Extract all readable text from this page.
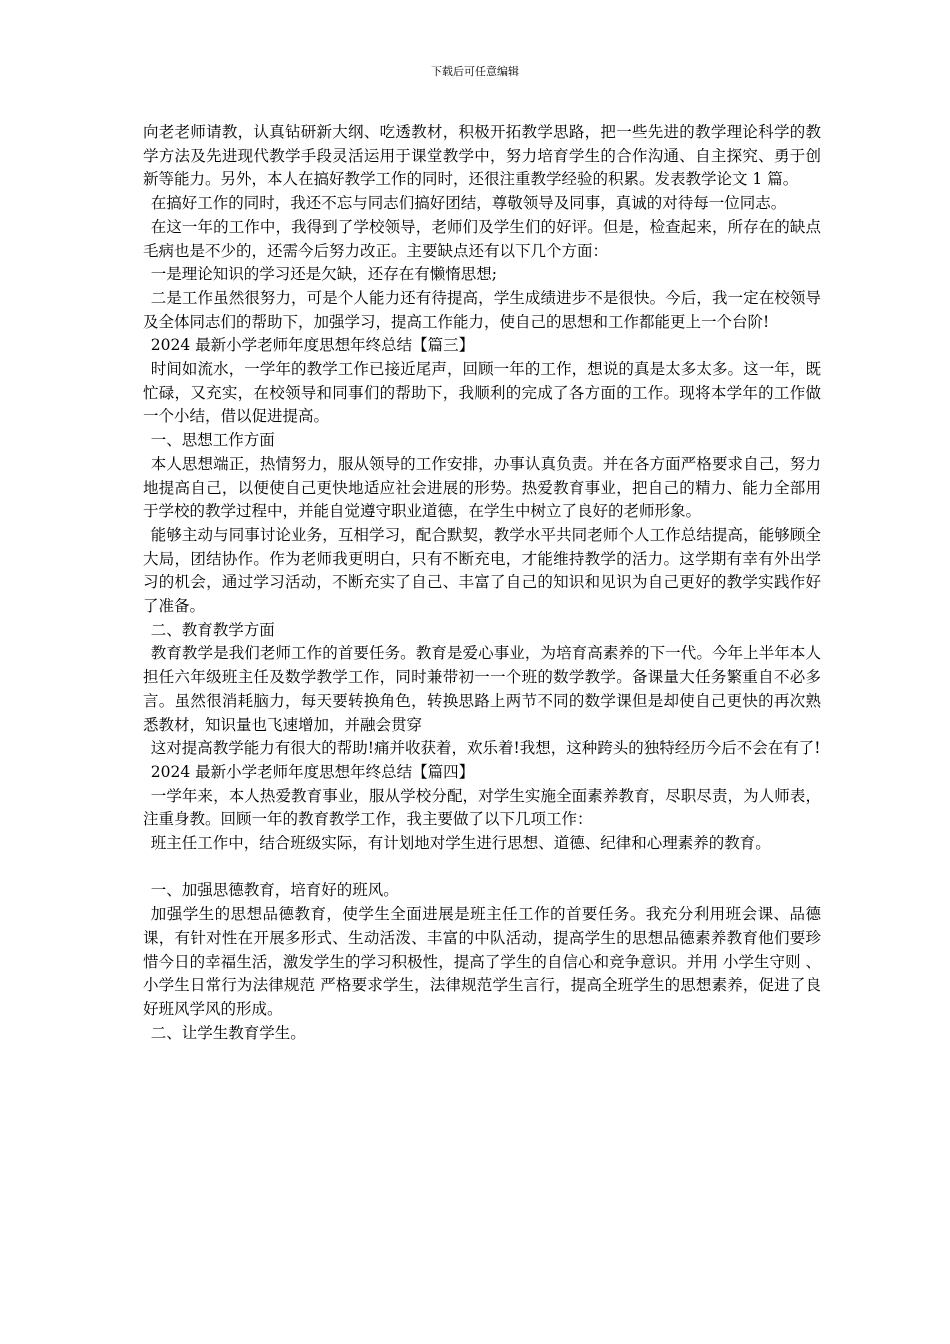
下载后可任意编辑

向老老师请教，认真钻研新大纲、吃透教材，积极开拓教学思路，把一些先进的教学理论科学的教学方法及先进现代教学手段灵活运用于课堂教学中，努力培育学生的合作沟通、自主探究、勇于创新等能力。另外，本人在搞好教学工作的同时，还很注重教学经验的积累。发表教学论文 1 篇。

在搞好工作的同时，我还不忘与同志们搞好团结，尊敬领导及同事，真诚的对待每一位同志。

在这一年的工作中，我得到了学校领导，老师们及学生们的好评。但是，检查起来，所存在的缺点毛病也是不少的，还需今后努力改正。主要缺点还有以下几个方面：

一是理论知识的学习还是欠缺，还存在有懒惰思想;

二是工作虽然很努力，可是个人能力还有待提高，学生成绩进步不是很快。今后，我一定在校领导及全体同志们的帮助下，加强学习，提高工作能力，使自己的思想和工作都能更上一个台阶!

2024 最新小学老师年度思想年终总结【篇三】

时间如流水，一学年的教学工作已接近尾声，回顾一年的工作，想说的真是太多太多。这一年，既忙碌，又充实，在校领导和同事们的帮助下，我顺利的完成了各方面的工作。现将本学年的工作做一个小结，借以促进提高。

一、思想工作方面

本人思想端正，热情努力，服从领导的工作安排，办事认真负责。并在各方面严格要求自己，努力地提高自己，以便使自己更快地适应社会进展的形势。热爱教育事业，把自己的精力、能力全部用于学校的教学过程中，并能自觉遵守职业道德，在学生中树立了良好的老师形象。

能够主动与同事讨论业务，互相学习，配合默契，教学水平共同老师个人工作总结提高，能够顾全大局，团结协作。作为老师我更明白，只有不断充电，才能维持教学的活力。这学期有幸有外出学习的机会，通过学习活动，不断充实了自己、丰富了自己的知识和见识为自己更好的教学实践作好了准备。

二、教育教学方面

教育教学是我们老师工作的首要任务。教育是爱心事业，为培育高素养的下一代。今年上半年本人担任六年级班主任及数学教学工作，同时兼带初一一个班的数学教学。备课量大任务繁重自不必多言。虽然很消耗脑力，每天要转换角色，转换思路上两节不同的数学课但是却使自己更快的再次熟悉教材，知识量也飞速增加，并融会贯穿

这对提高教学能力有很大的帮助!痛并收获着，欢乐着!我想，这种跨头的独特经历今后不会在有了!

2024 最新小学老师年度思想年终总结【篇四】

一学年来，本人热爱教育事业，服从学校分配，对学生实施全面素养教育，尽职尽责，为人师表，注重身教。回顾一年的教育教学工作，我主要做了以下几项工作：

班主任工作中，结合班级实际，有计划地对学生进行思想、道德、纪律和心理素养的教育。

一、加强思德教育，培育好的班风。

加强学生的思想品德教育，使学生全面进展是班主任工作的首要任务。我充分利用班会课、品德课，有针对性在开展多形式、生动活泼、丰富的中队活动，提高学生的思想品德素养教育他们要珍惜今日的幸福生活，激发学生的学习积极性，提高了学生的自信心和竞争意识。并用 小学生守则 、 小学生日常行为法律规范 严格要求学生，法律规范学生言行，提高全班学生的思想素养，促进了良好班风学风的形成。

二、让学生教育学生。
